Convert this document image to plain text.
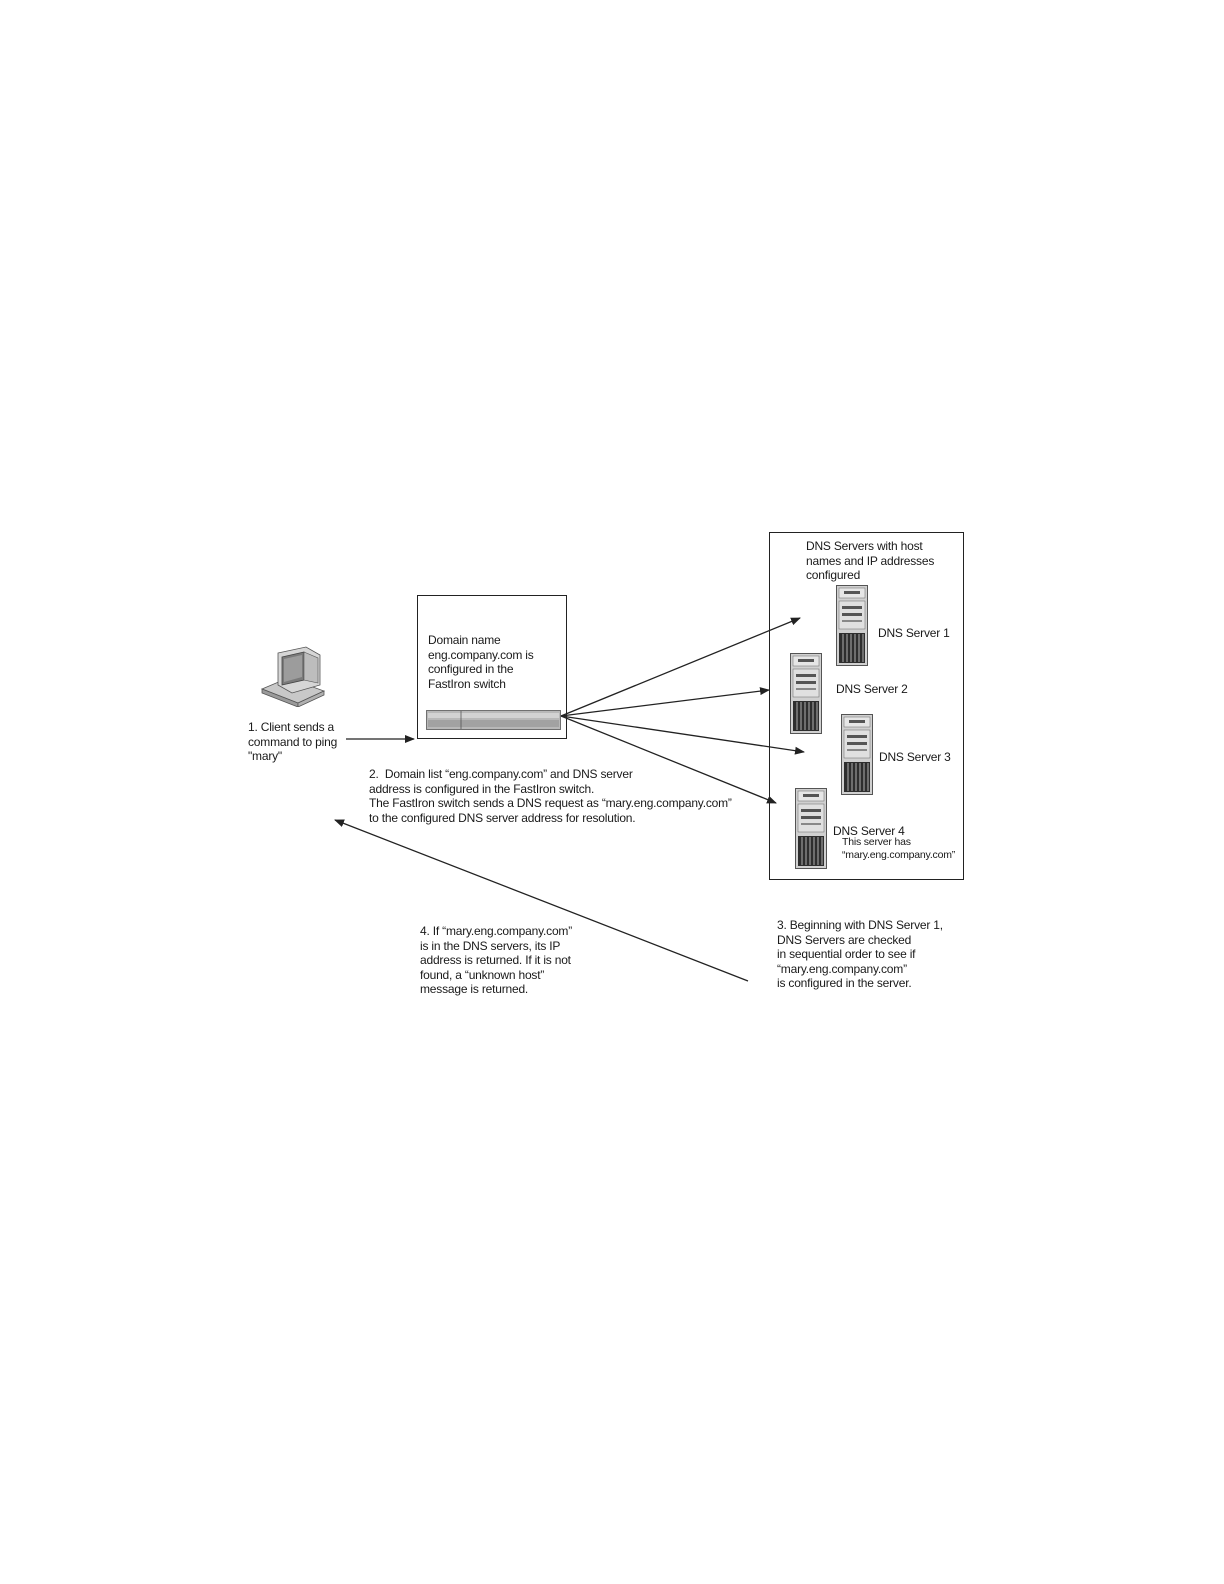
1. Client sends a
command to ping
"mary"
Domain name
eng.company.com is
configured in the
FastIron switch
2.  Domain list “eng.company.com” and DNS server
address is configured in the FastIron switch.
The FastIron switch sends a DNS request as “mary.eng.company.com”
to the configured DNS server address for resolution.
DNS Servers with host
names and IP addresses
configured
DNS Server 1
DNS Server 2
DNS Server 3
DNS Server 4
This server has
“mary.eng.company.com”
3. Beginning with DNS Server 1,
DNS Servers are checked
in sequential order to see if
“mary.eng.company.com”
is configured in the server.
4. If “mary.eng.company.com”
is in the DNS servers, its IP
address is returned. If it is not
found, a “unknown host”
message is returned.
